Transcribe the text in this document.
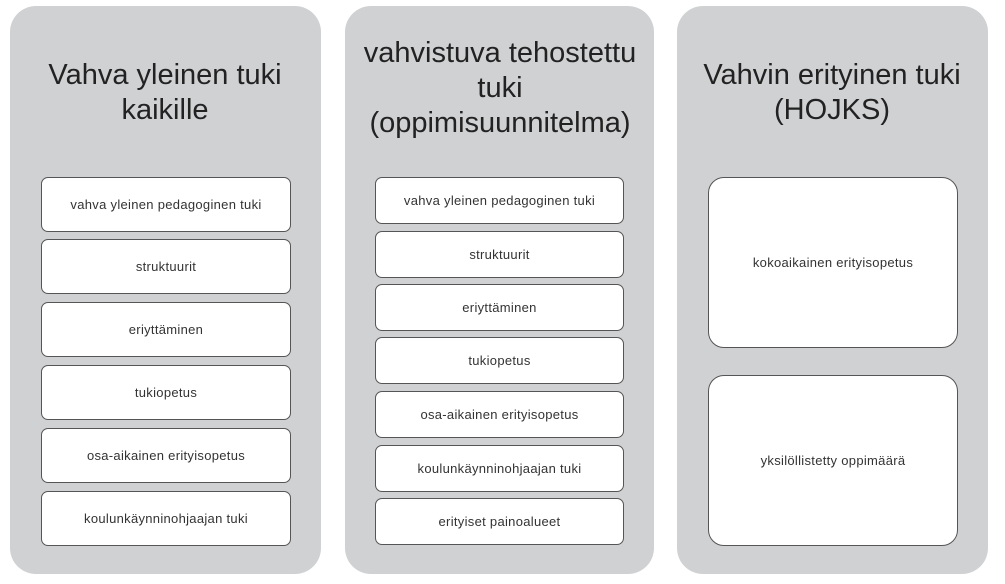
Vahva yleinen tuki kaikille
vahva yleinen pedagoginen tuki
struktuurit
eriyttäminen
tukiopetus
osa-aikainen erityisopetus
koulunkäynninohjaajan tuki
vahvistuva tehostettu tuki (oppimisuunnitelma)
vahva yleinen pedagoginen tuki
struktuurit
eriyttäminen
tukiopetus
osa-aikainen erityisopetus
koulunkäynninohjaajan tuki
erityiset painoalueet
Vahvin erityinen tuki (HOJKS)
kokoaikainen erityisopetus
yksilöllistetty oppimäärä
